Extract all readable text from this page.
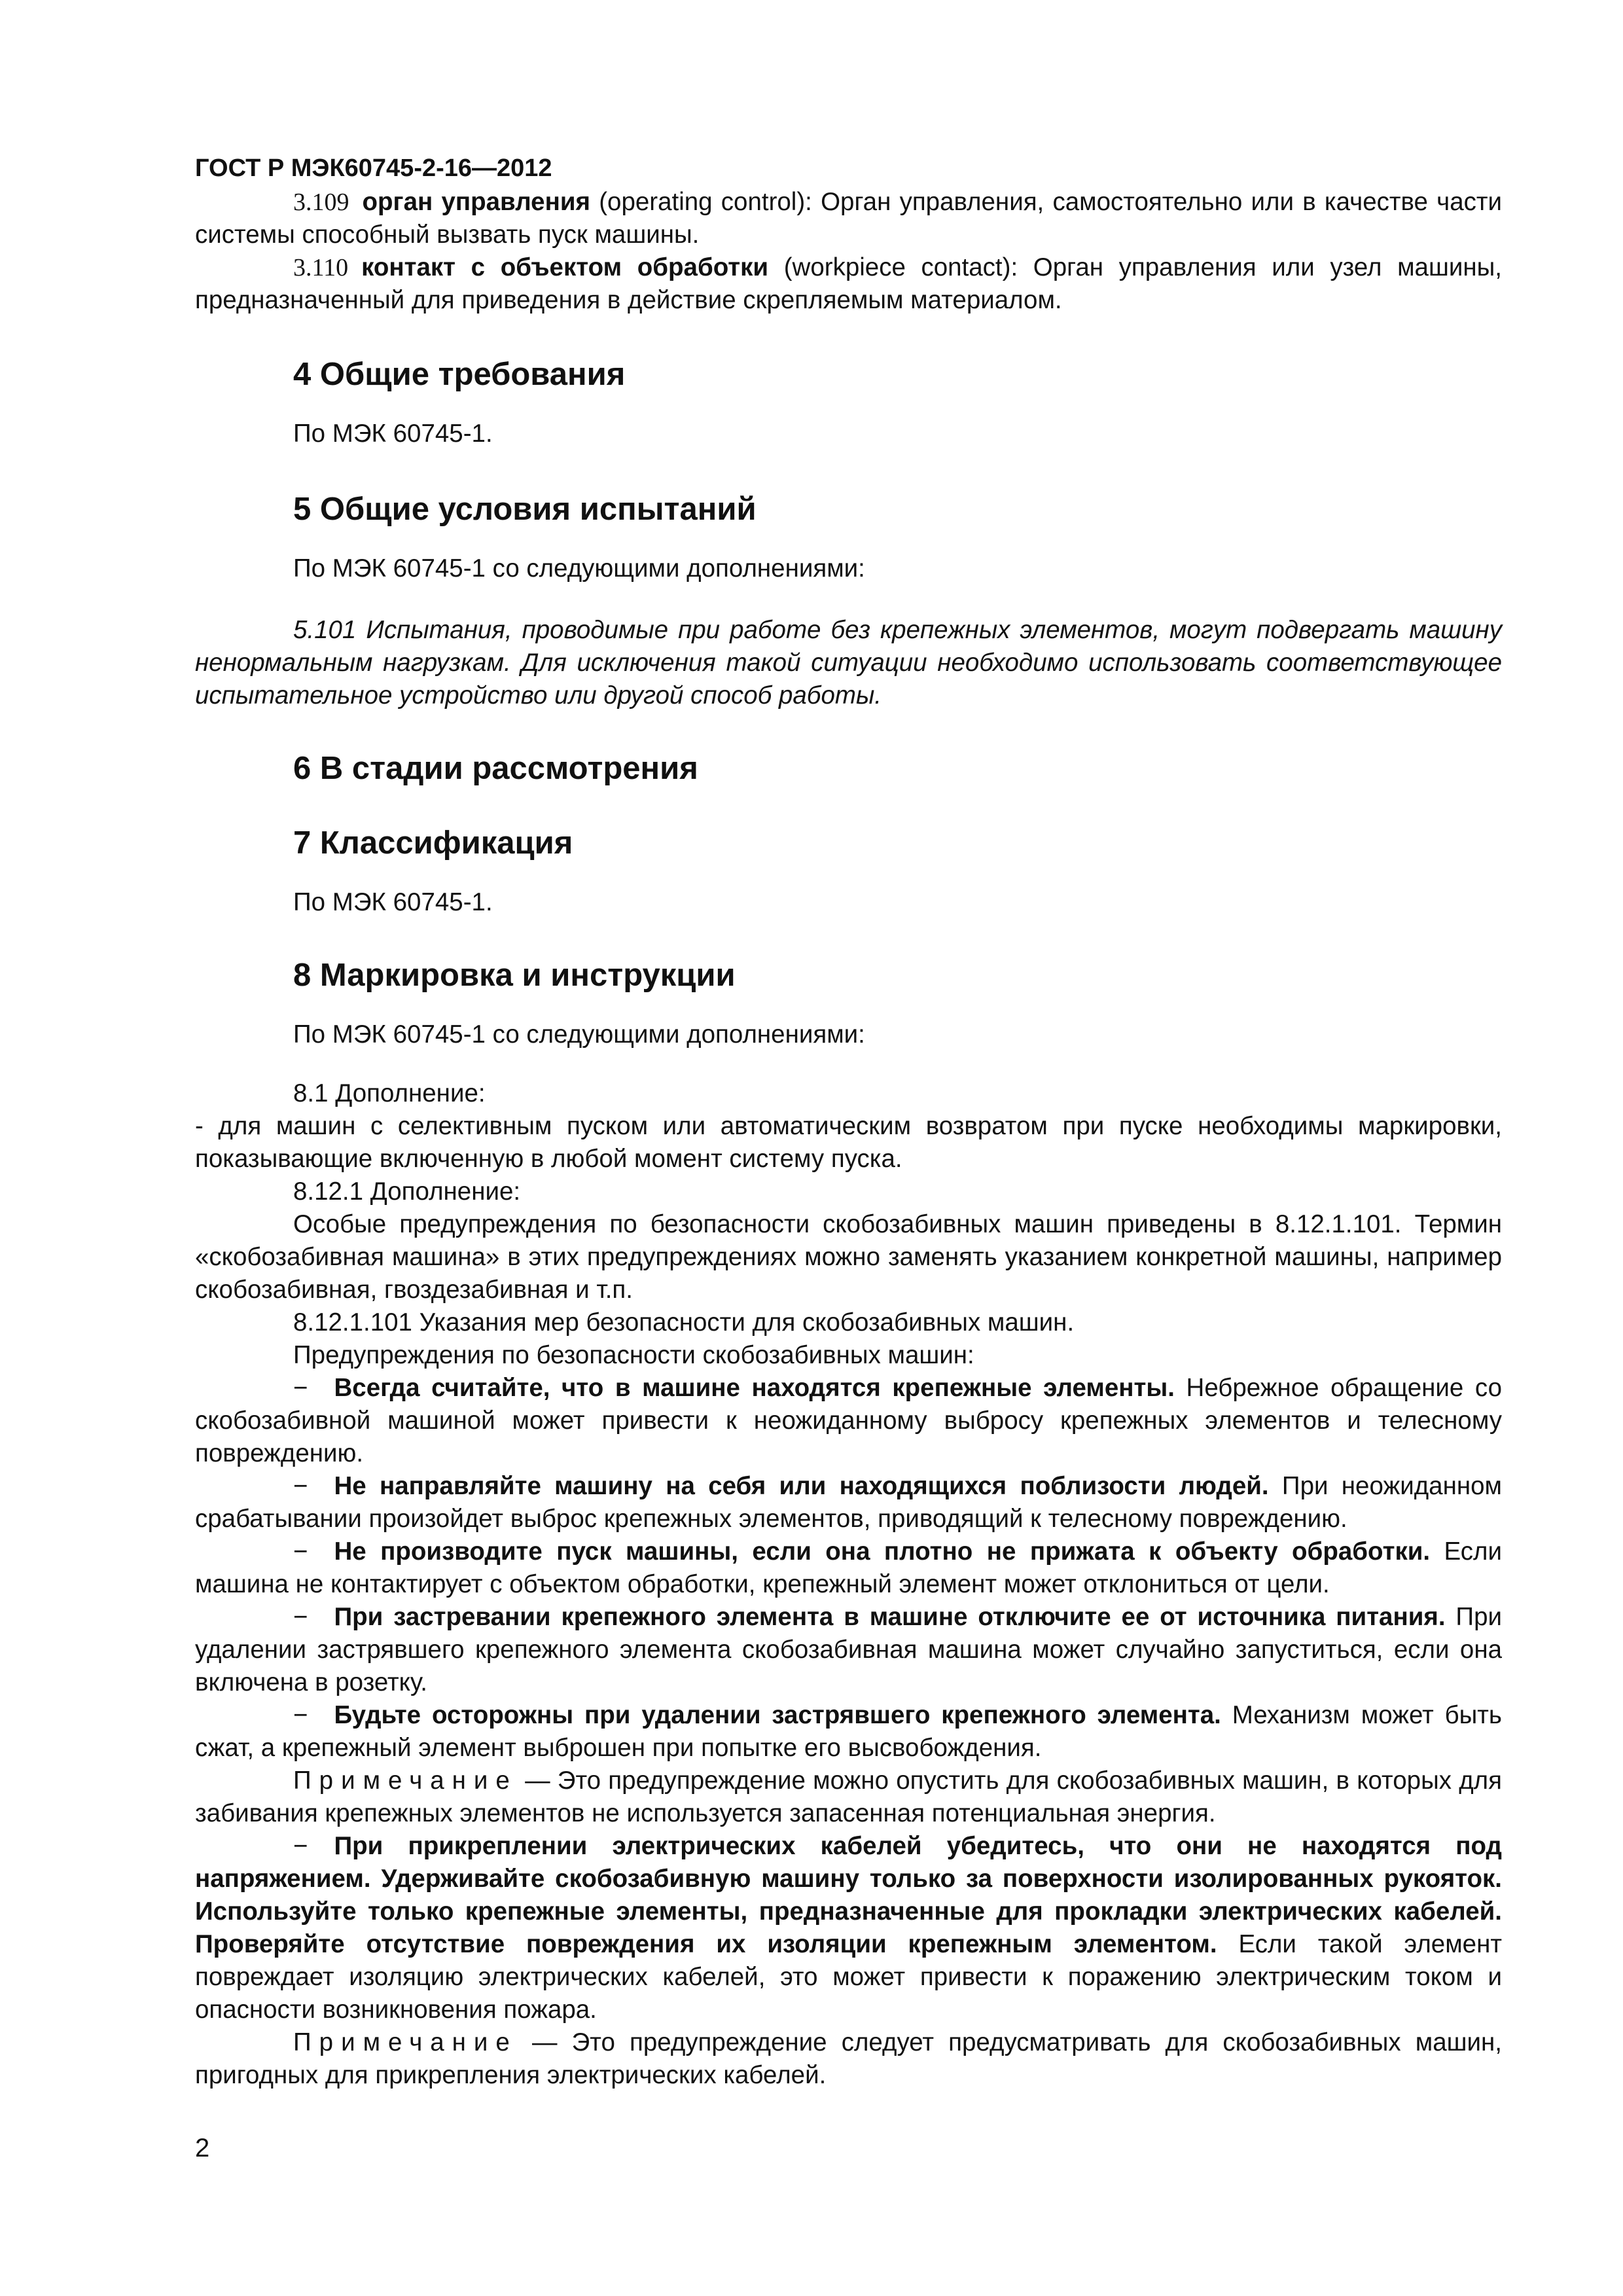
ГОСТ Р МЭК60745-2-16—2012

3.109 орган управления (operating control): Орган управления, самостоятельно или в качестве части системы способный вызвать пуск машины.

3.110 контакт с объектом обработки (workpiece contact): Орган управления или узел машины, предназначенный для приведения в действие скрепляемым материалом.

4 Общие требования

По МЭК 60745-1.

5 Общие условия испытаний

По МЭК 60745-1 со следующими дополнениями:

5.101 Испытания, проводимые при работе без крепежных элементов, могут подвергать машину ненормальным нагрузкам. Для исключения такой ситуации необходимо использовать соответствующее испытательное устройство или другой способ работы.

6 В стадии рассмотрения
7 Классификация

По МЭК 60745-1.

8 Маркировка и инструкции

По МЭК 60745-1 со следующими дополнениями:

8.1 Дополнение:

- для машин с селективным пуском или автоматическим возвратом при пуске необходимы маркировки, показывающие включенную в любой момент систему пуска.

8.12.1 Дополнение:

Особые предупреждения по безопасности скобозабивных машин приведены в 8.12.1.101. Термин «скобозабивная машина» в этих предупреждениях можно заменять указанием конкретной машины, например скобозабивная, гвоздезабивная и т.п.

8.12.1.101 Указания мер безопасности для скобозабивных машин.

Предупреждения по безопасности скобозабивных машин:

− Всегда считайте, что в машине находятся крепежные элементы. Небрежное обращение со скобозабивной машиной может привести к неожиданному выбросу крепежных элементов и телесному повреждению.

− Не направляйте машину на себя или находящихся поблизости людей. При неожиданном срабатывании произойдет выброс крепежных элементов, приводящий к телесному повреждению.

− Не производите пуск машины, если она плотно не прижата к объекту обработки. Если машина не контактирует с объектом обработки, крепежный элемент может отклониться от цели.

− При застревании крепежного элемента в машине отключите ее от источника питания. При удалении застрявшего крепежного элемента скобозабивная машина может случайно запуститься, если она включена в розетку.

− Будьте осторожны при удалении застрявшего крепежного элемента. Механизм может быть сжат, а крепежный элемент выброшен при попытке его высвобождения.

Примечание — Это предупреждение можно опустить для скобозабивных машин, в которых для забивания крепежных элементов не используется запасенная потенциальная энергия.

− При прикреплении электрических кабелей убедитесь, что они не находятся под напряжением. Удерживайте скобозабивную машину только за поверхности изолированных рукояток. Используйте только крепежные элементы, предназначенные для прокладки электрических кабелей. Проверяйте отсутствие повреждения их изоляции крепежным элементом. Если такой элемент повреждает изоляцию электрических кабелей, это может привести к поражению электрическим током и опасности возникновения пожара.

Примечание — Это предупреждение следует предусматривать для скобозабивных машин, пригодных для прикрепления электрических кабелей.

2
